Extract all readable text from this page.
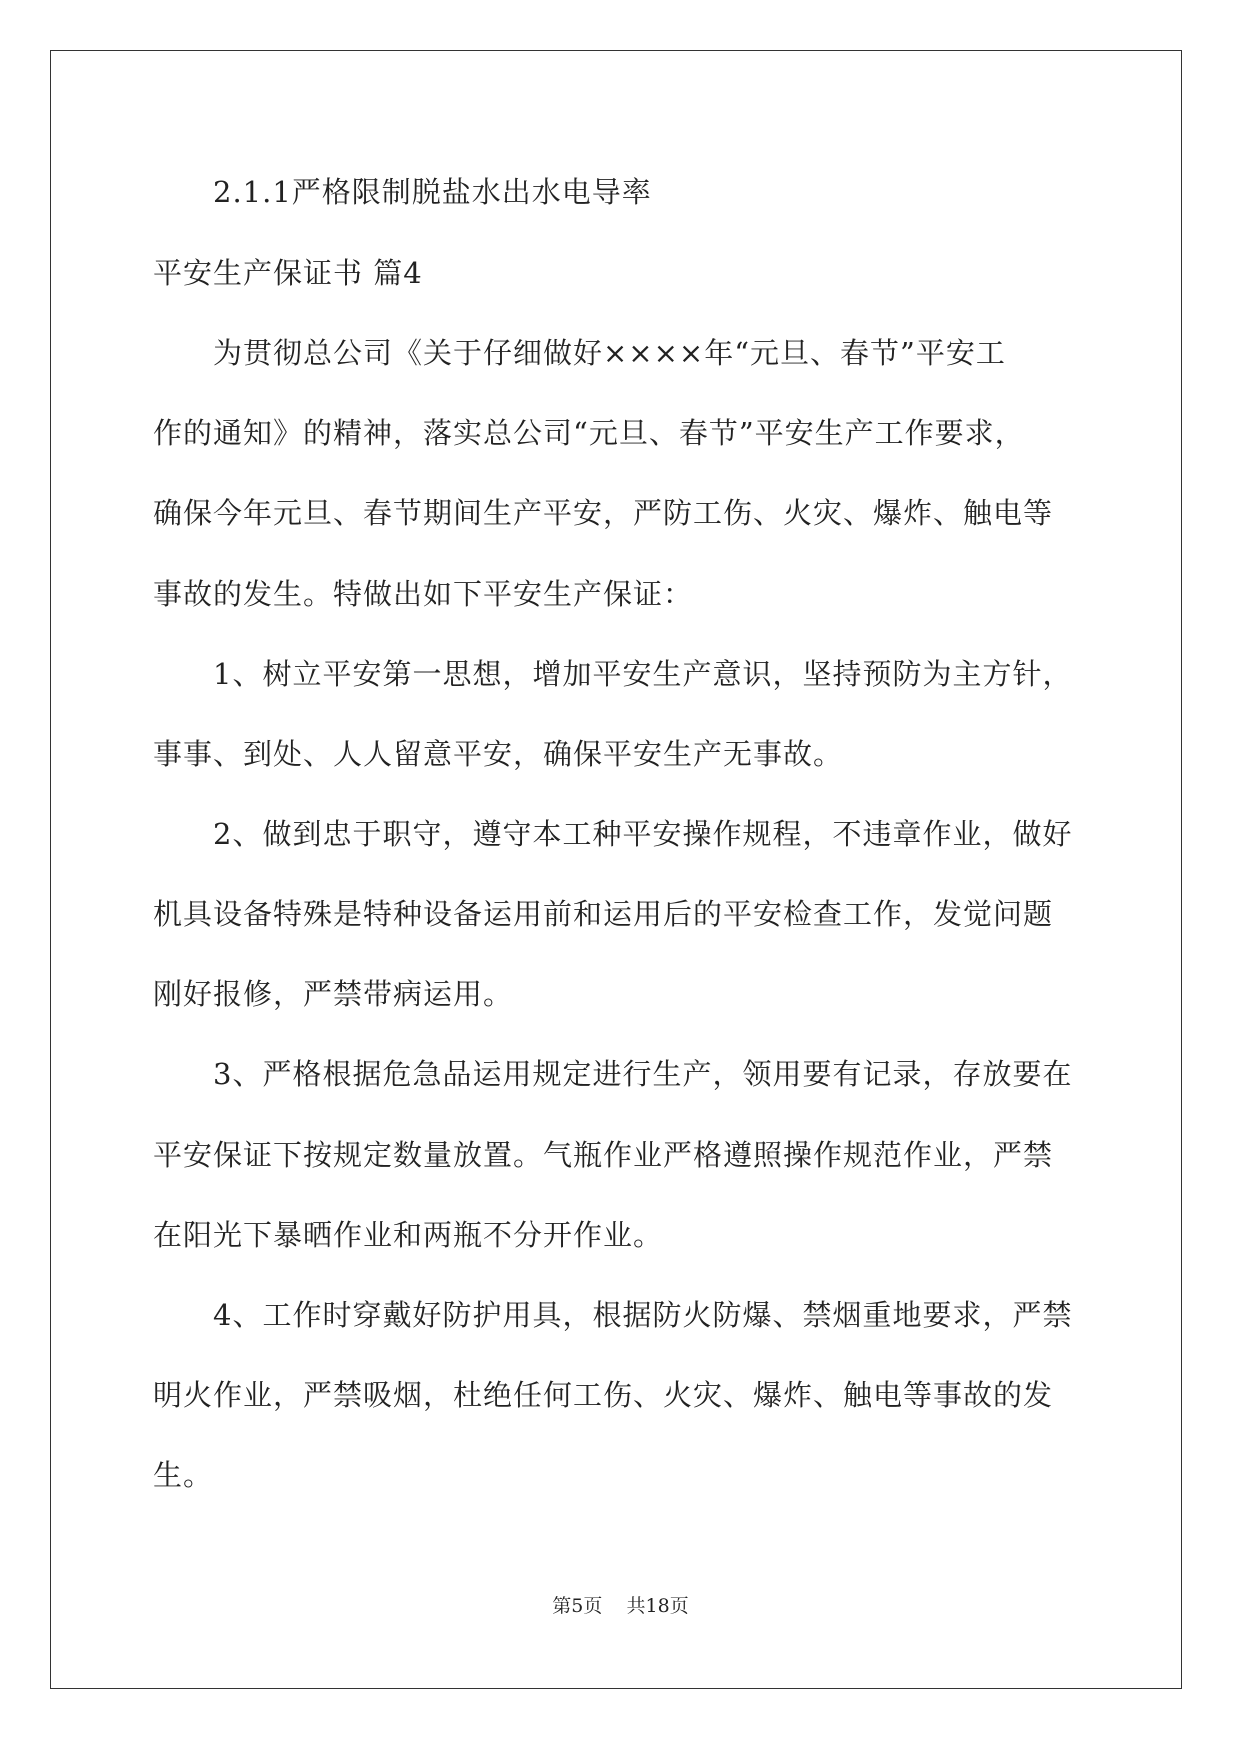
2.1.1严格限制脱盐水出水电导率
平安生产保证书 篇4
为贯彻总公司《关于仔细做好××××年“元旦、春节”平安工
作的通知》的精神，落实总公司“元旦、春节”平安生产工作要求，
确保今年元旦、春节期间生产平安，严防工伤、火灾、爆炸、触电等
事故的发生。特做出如下平安生产保证：
1、树立平安第一思想，增加平安生产意识，坚持预防为主方针，
事事、到处、人人留意平安，确保平安生产无事故。
2、做到忠于职守，遵守本工种平安操作规程，不违章作业，做好
机具设备特殊是特种设备运用前和运用后的平安检查工作，发觉问题
刚好报修，严禁带病运用。
3、严格根据危急品运用规定进行生产，领用要有记录，存放要在
平安保证下按规定数量放置。气瓶作业严格遵照操作规范作业，严禁
在阳光下暴晒作业和两瓶不分开作业。
4、工作时穿戴好防护用具，根据防火防爆、禁烟重地要求，严禁
明火作业，严禁吸烟，杜绝任何工伤、火灾、爆炸、触电等事故的发
生。
第5页 共18页
